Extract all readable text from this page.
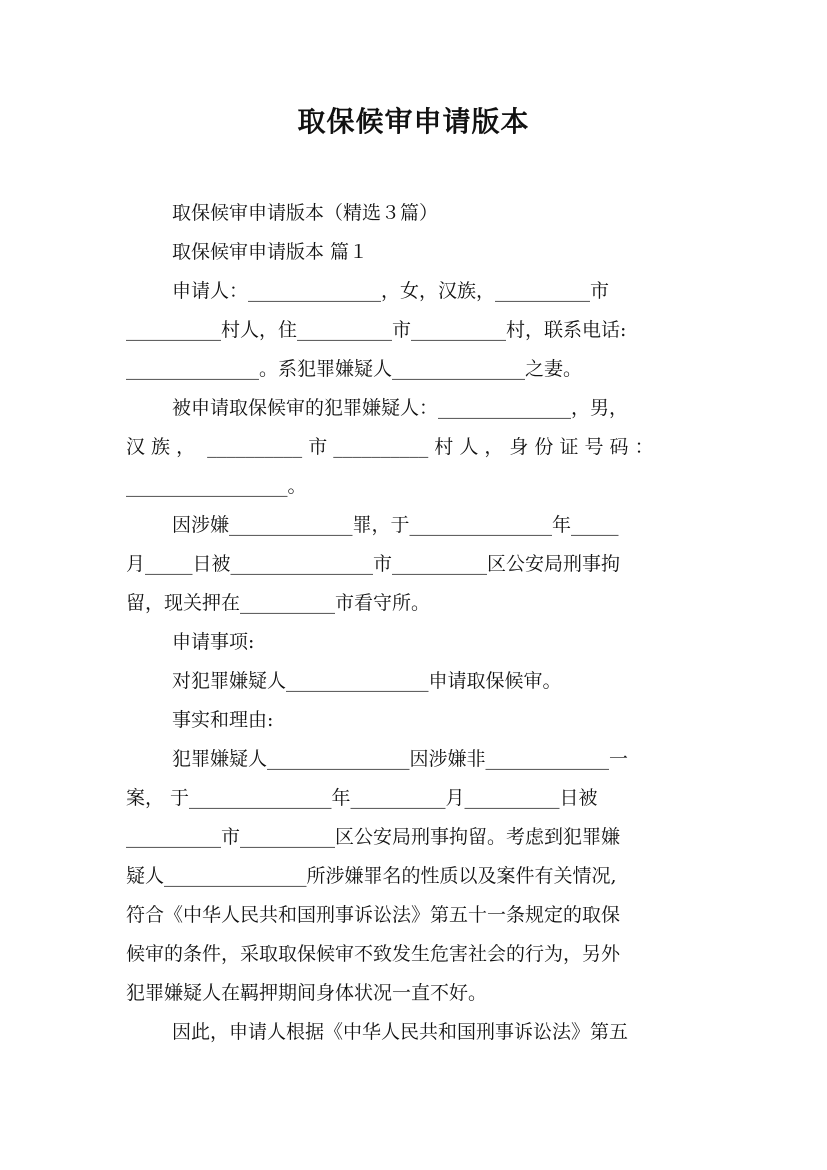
取保候审申请版本
取保候审申请版本（精选３篇）
取保候审申请版本 篇１
申请人：______________，女，汉族，__________市
__________村人，住__________市__________村，联系电话:
______________。系犯罪嫌疑人______________之妻。
被申请取保候审的犯罪嫌疑人：______________，男，
汉 族 ，  __________ 市 __________ 村 人 ， 身 份 证 号 码 ：
_________________。
因涉嫌_____________罪，于_______________年_____
月_____日被_______________市__________区公安局刑事拘
留，现关押在__________市看守所。
申请事项:
对犯罪嫌疑人_______________申请取保候审。
事实和理由:
犯罪嫌疑人_______________因涉嫌非_____________一
案， 于_______________年__________月__________日被
__________市__________区公安局刑事拘留。考虑到犯罪嫌
疑人_______________所涉嫌罪名的性质以及案件有关情况,
符合《中华人民共和国刑事诉讼法》第五十一条规定的取保
候审的条件，采取取保候审不致发生危害社会的行为，另外
犯罪嫌疑人在羁押期间身体状况一直不好。
因此，申请人根据《中华人民共和国刑事诉讼法》第五
